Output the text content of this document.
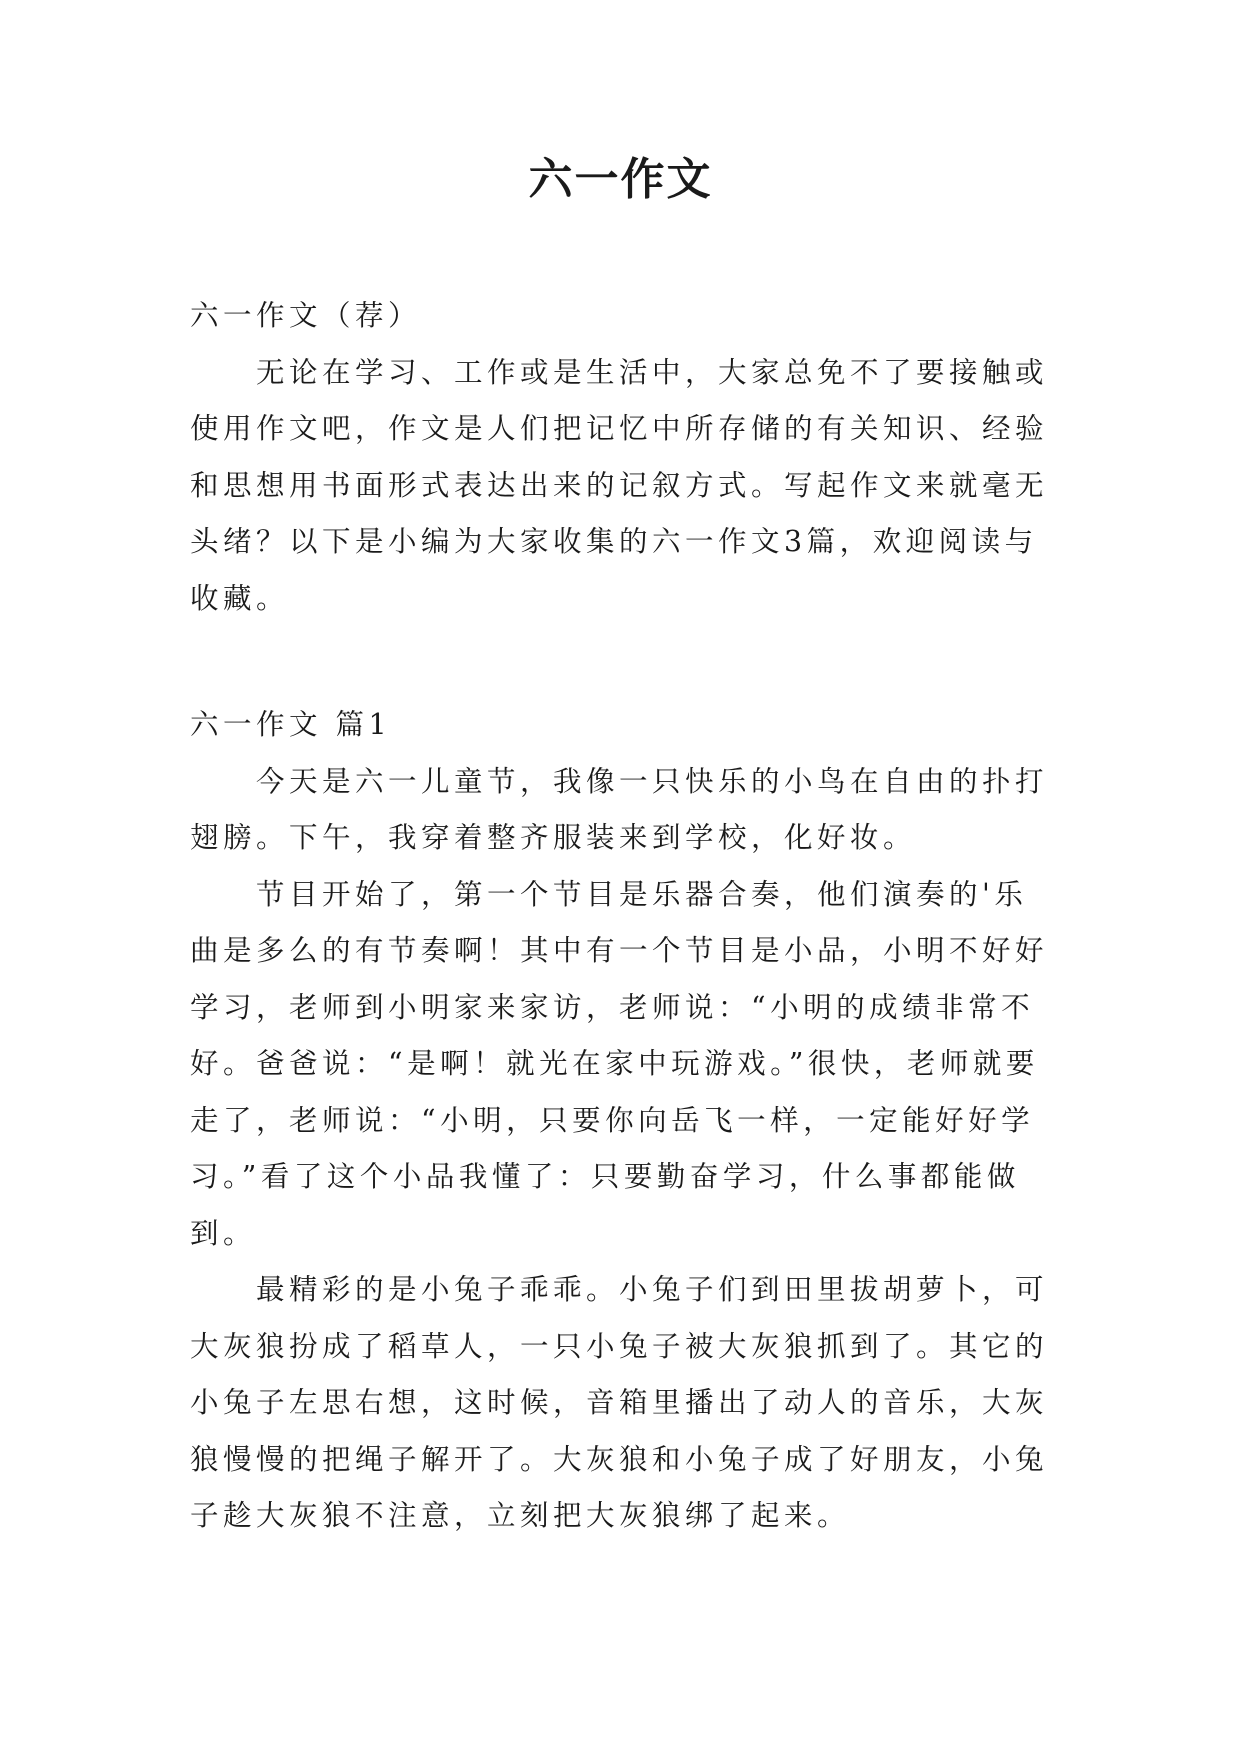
六一作文

六一作文（荐）

无论在学习、工作或是生活中，大家总免不了要接触或使用作文吧，作文是人们把记忆中所存储的有关知识、经验和思想用书面形式表达出来的记叙方式。写起作文来就毫无头绪？以下是小编为大家收集的六一作文3篇，欢迎阅读与收藏。

六一作文 篇1

今天是六一儿童节，我像一只快乐的小鸟在自由的扑打翅膀。下午，我穿着整齐服装来到学校，化好妆。

节目开始了，第一个节目是乐器合奏，他们演奏的'乐曲是多么的有节奏啊！其中有一个节目是小品，小明不好好学习，老师到小明家来家访，老师说：“小明的成绩非常不好。爸爸说：“是啊！就光在家中玩游戏。”很快，老师就要走了，老师说：“小明，只要你向岳飞一样，一定能好好学习。”看了这个小品我懂了：只要勤奋学习，什么事都能做到。

最精彩的是小兔子乖乖。小兔子们到田里拔胡萝卜，可大灰狼扮成了稻草人，一只小兔子被大灰狼抓到了。其它的小兔子左思右想，这时候，音箱里播出了动人的音乐，大灰狼慢慢的把绳子解开了。大灰狼和小兔子成了好朋友，小兔子趁大灰狼不注意，立刻把大灰狼绑了起来。
